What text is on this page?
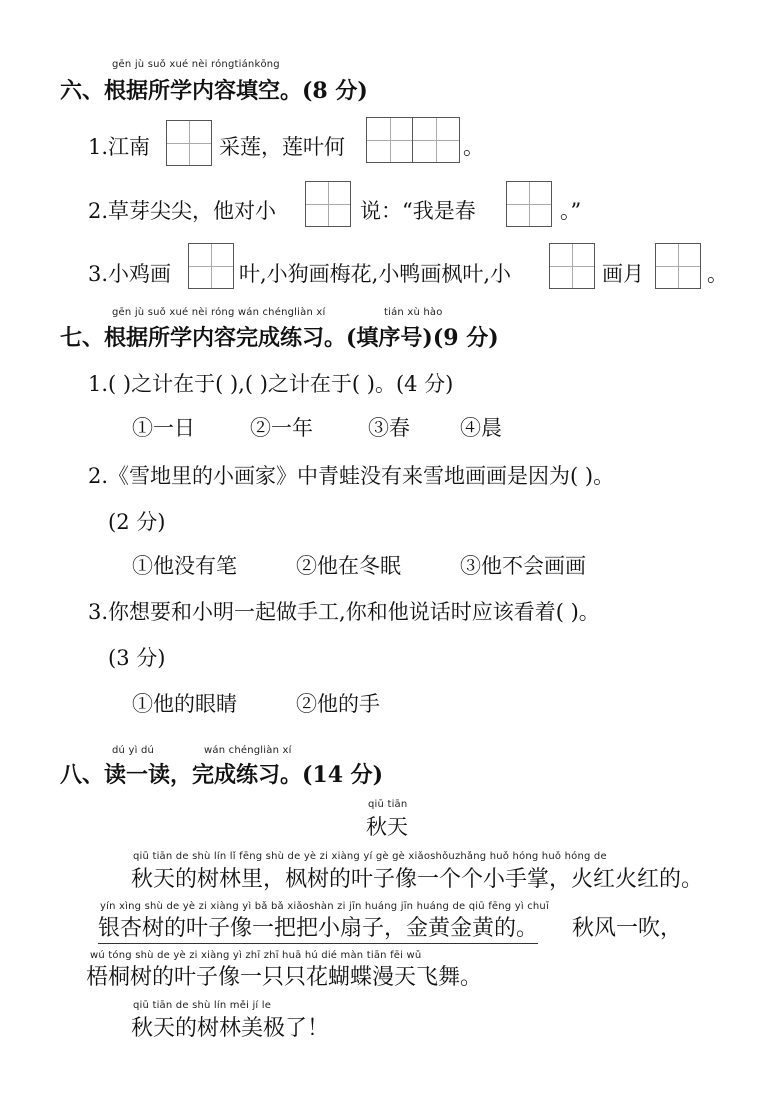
gēn jù suǒ xué nèi róngtiánkōng
六、根据所学内容填空。(8 分)
1.江南	采莲，莲叶何	。
2.草芽尖尖，他对小	说：“我是春	。”
3.小鸡画	叶,小狗画梅花,小鸭画枫叶,小	画月	。
gēn jù suǒ xué nèi róng wán chéngliàn xí	tián xù hào
七、根据所学内容完成练习。(填序号)(9 分)
1.( )之计在于( ),( )之计在于( )。(4 分)
①一日	②一年	③春 ④晨
2.《雪地里的小画家》中青蛙没有来雪地画画是因为( )。
(2 分)
①他没有笔	②他在冬眠	③他不会画画
3.你想要和小明一起做手工,你和他说话时应该看着( )。
(3 分)
①他的眼睛	②他的手
dú yì dú	wán chéngliàn xí
八、读一读，完成练习。(14 分)
qiū tiān
秋天
qiū tiān de shù lín lǐ fēng shù de yè zi xiàng yí gè gè xiǎoshǒuzhǎng huǒ hóng huǒ hóng de
秋天的树林里，枫树的叶子像一个个小手掌，火红火红的。
yín xìng shù de yè zi xiàng yì bǎ bǎ xiǎoshàn zi jīn huáng jīn huáng de qiū fēng yì chuī
银杏树的叶子像一把把小扇子，金黄金黄的。 秋风一吹，
wú tóng shù de yè zi xiàng yì zhī zhī huā hú dié màn tiān fēi wǔ
梧桐树的叶子像一只只花蝴蝶漫天飞舞。
qiū tiān de shù lín měi jí le
秋天的树林美极了！
